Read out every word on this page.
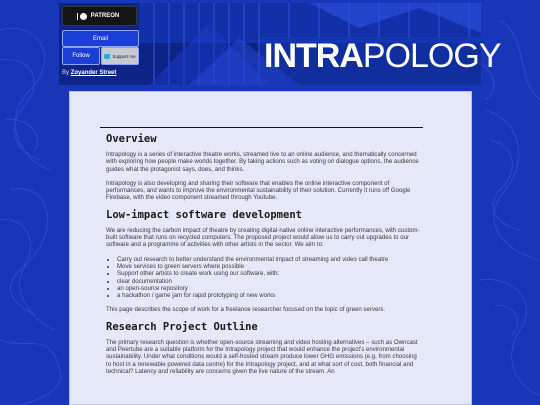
PATREON
Email
Follow	Support me
By Zoyander Street	INTRAPOLOGY
Overview

Intrapology is a series of interactive theatre works, streamed live to an online audience, and thematically concerned with exploring how people make worlds together. By taking actions such as voting on dialogue options, the audience guides what the protagonist says, does, and thinks.

Intrapology is also developing and sharing their software that enables the online interactive component of performances, and wants to improve the environmental sustainability of their solution. Currently it runs off Google Firebase, with the video component streamed through Youtube.

Low-impact software development

We are reducing the carbon impact of theatre by creating digital-native online interactive performances, with custom-built software that runs on recycled computers. The proposed project would allow us to carry out upgrades to our software and a programme of activities with other artists in the sector. We aim to:

• Carry out research to better understand the environmental impact of streaming and video call theatre
• Move services to green servers where possible
• Support other artists to create work using our software, with:
• clear documentation
• an open-source repository
• a hackathon / game jam for rapid prototyping of new works

This page describes the scope of work for a freelance researcher focused on the topic of green servers.

Research Project Outline

The primary research question is whether open-source streaming and video hosting alternatives – such as Owncast and Peertube are a suitable platform for the Intrapology project that would enhance the project's environmental sustainability. Under what conditions would a self-hosted stream produce lower GHG emissions (e.g. from choosing to host in a renewable powered data centre) for the Intrapology project, and at what sort of cost, both financial and technical? Latency and reliability are concerns given the live nature of the stream. An
